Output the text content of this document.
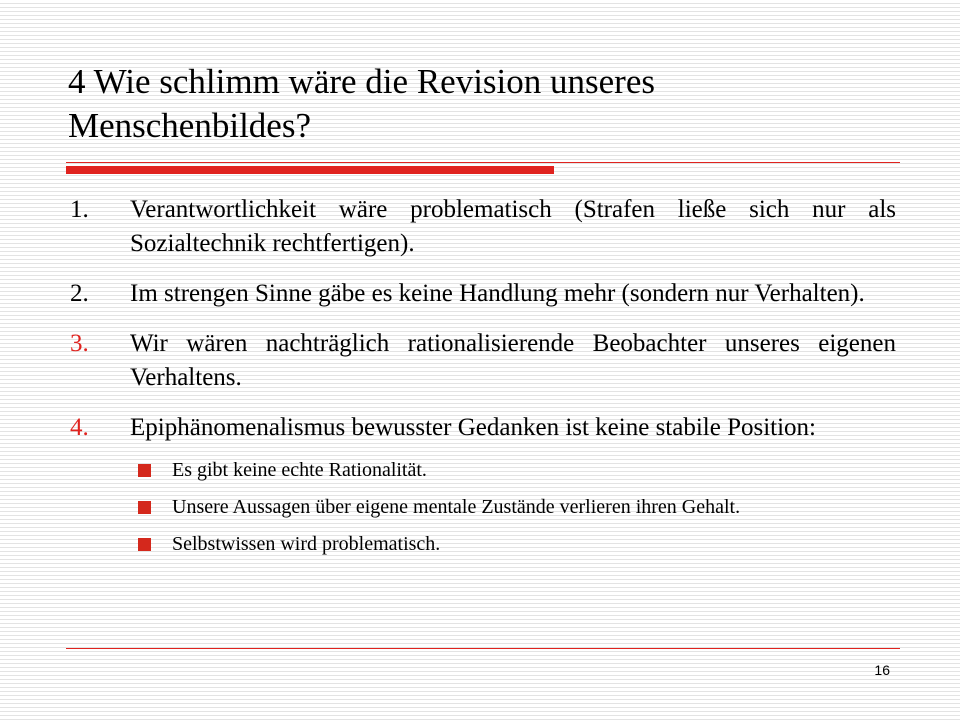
4 Wie schlimm wäre die Revision unseres Menschenbildes?
1.	Verantwortlichkeit wäre problematisch (Strafen ließe sich nur als Sozialtechnik rechtfertigen).
2.	Im strengen Sinne gäbe es keine Handlung mehr (sondern nur Verhalten).
3.	Wir wären nachträglich rationalisierende Beobachter unseres eigenen Verhaltens.
4.	Epiphänomenalismus bewusster Gedanken ist keine stabile Position:
Es gibt keine echte Rationalität.
Unsere Aussagen über eigene mentale Zustände verlieren ihren Gehalt.
Selbstwissen wird problematisch.
16
